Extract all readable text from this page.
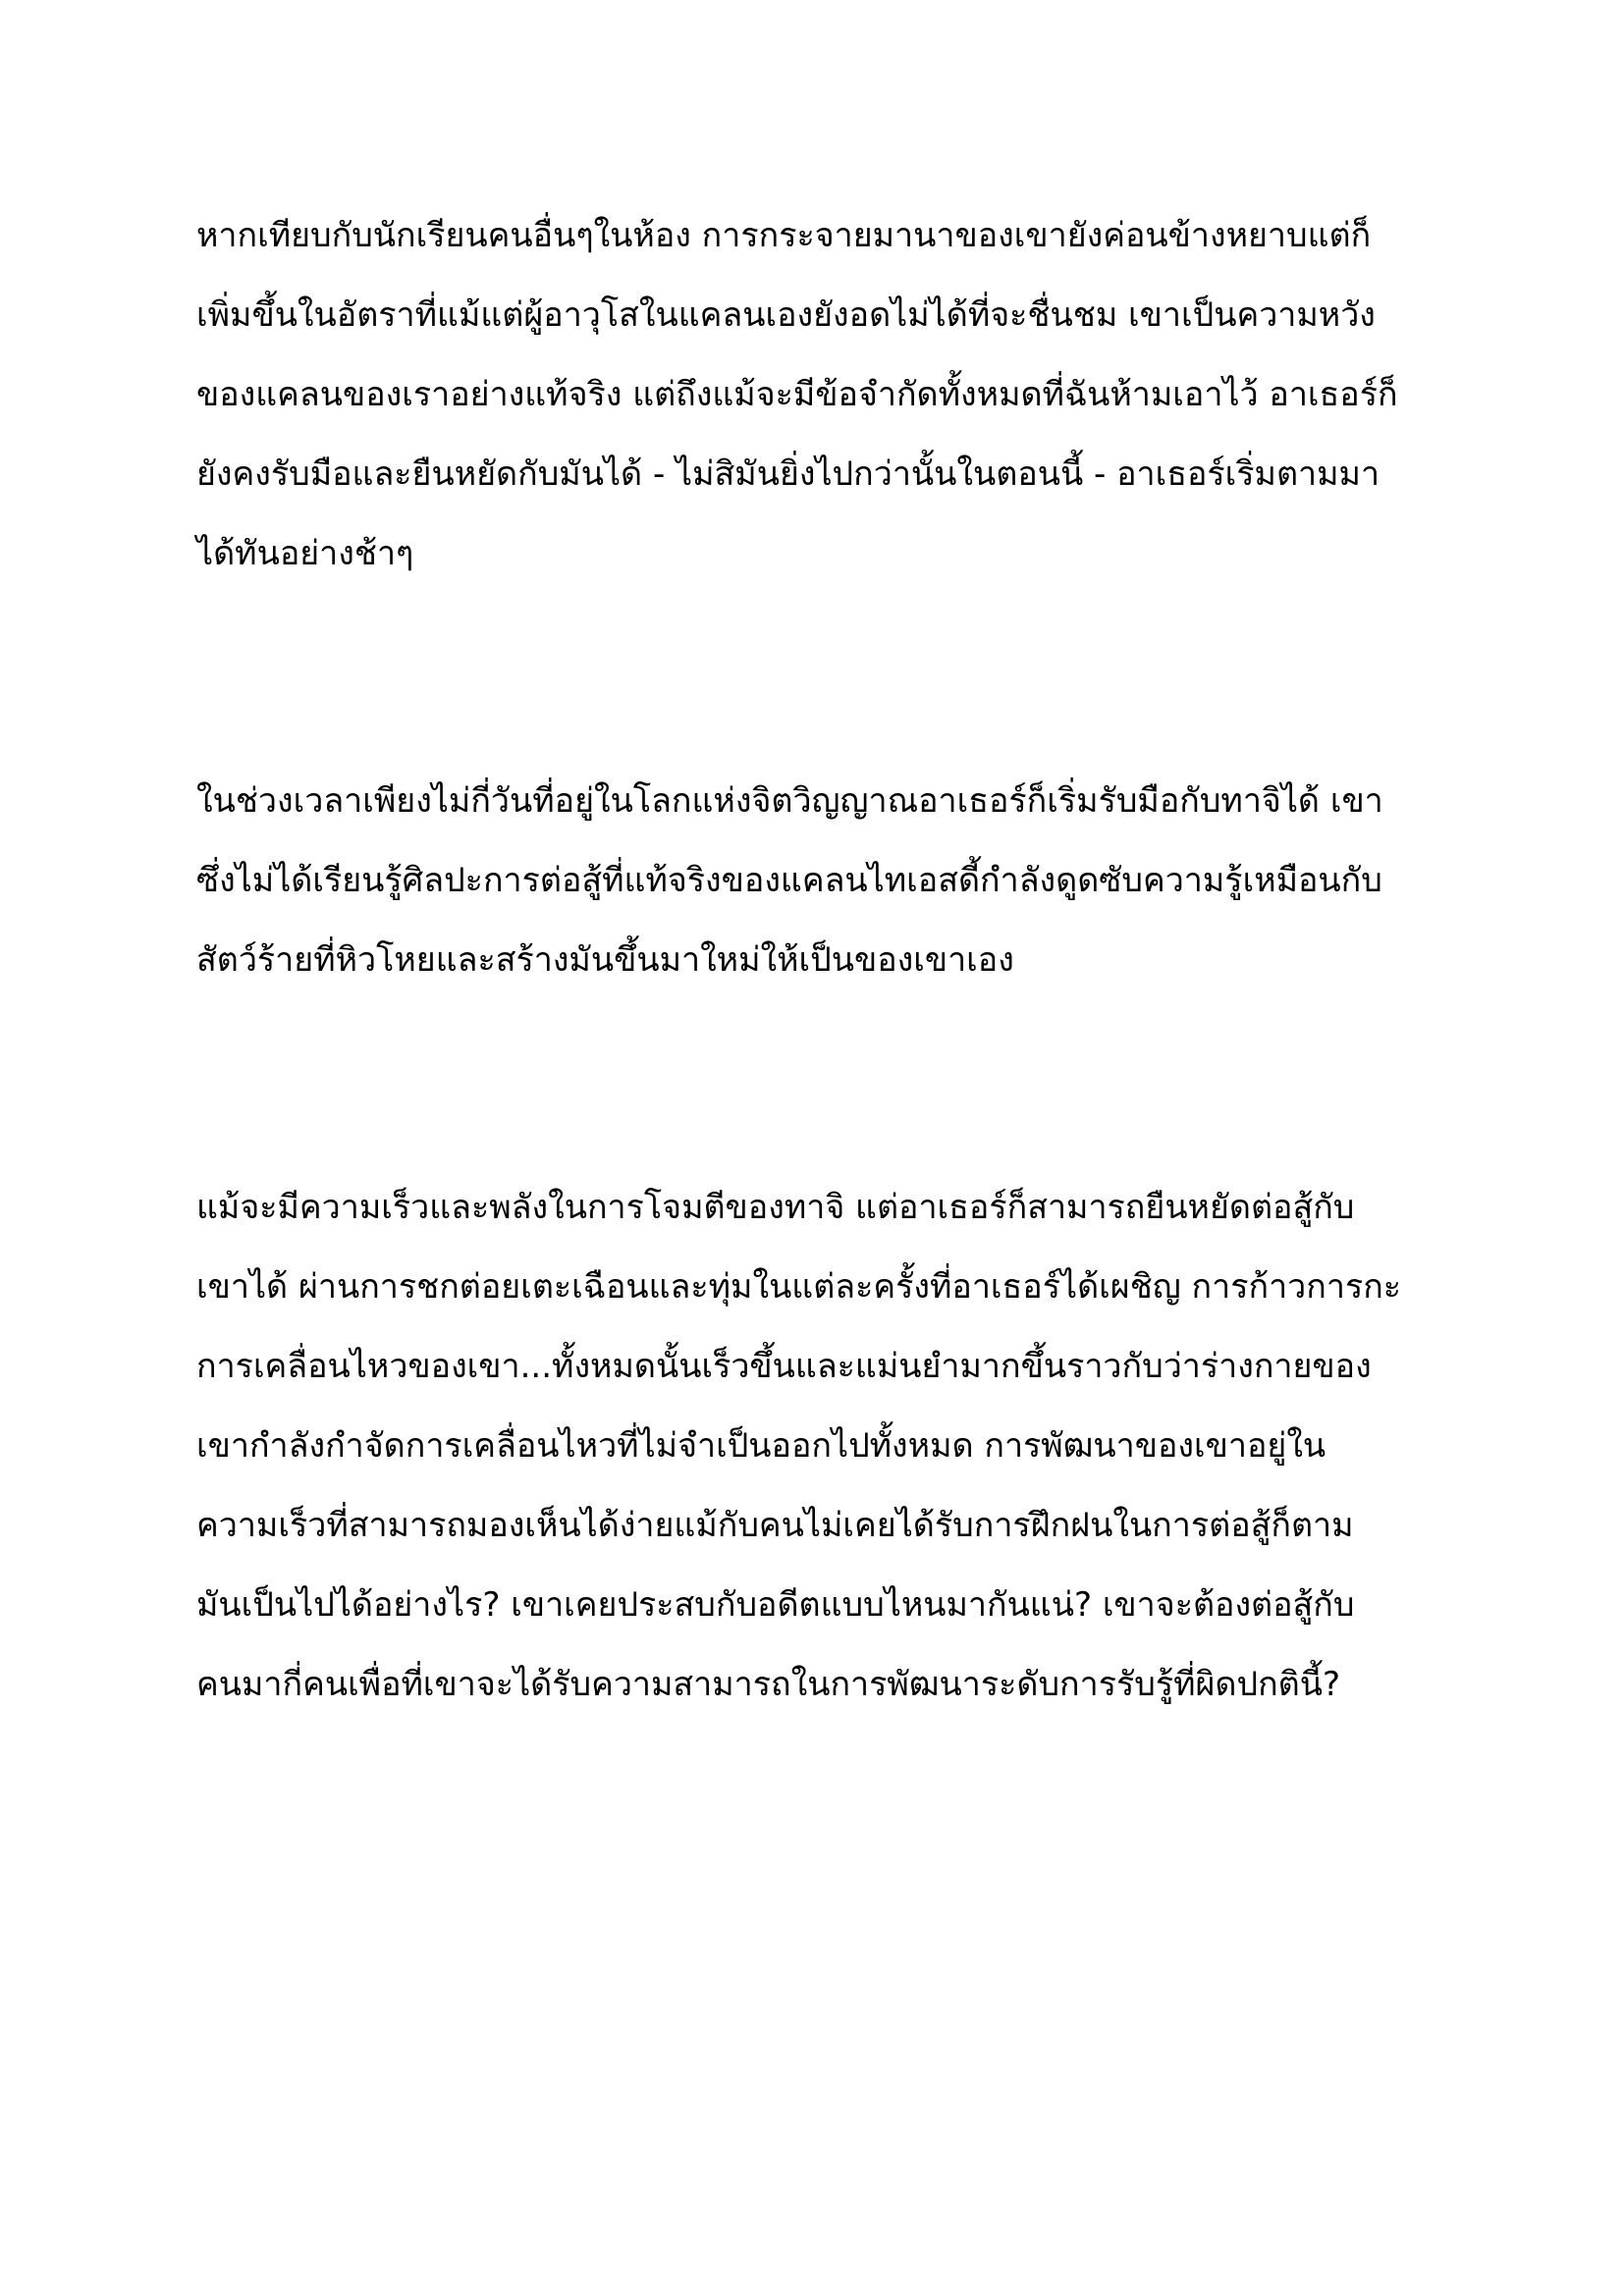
หากเทียบกับนักเรียนคนอื่นๆในห้อง การกระจายมานาของเขายังค่อนข้างหยาบแต่ก็
เพิ่มขึ้นในอัตราที่แม้แต่ผู้อาวุโสในแคลนเองยังอดไม่ได้ที่จะชื่นชม เขาเป็นความหวัง
ของแคลนของเราอย่างแท้จริง แต่ถึงแม้จะมีข้อจำกัดทั้งหมดที่ฉันห้ามเอาไว้ อาเธอร์ก็
ยังคงรับมือและยืนหยัดกับมันได้ - ไม่สิมันยิ่งไปกว่านั้นในตอนนี้ - อาเธอร์เริ่มตามมา
ได้ทันอย่างช้าๆ
ในช่วงเวลาเพียงไม่กี่วันที่อยู่ในโลกแห่งจิตวิญญาณอาเธอร์ก็เริ่มรับมือกับทาจิได้ เขา
ซึ่งไม่ได้เรียนรู้ศิลปะการต่อสู้ที่แท้จริงของแคลนไทเอสดี้กำลังดูดซับความรู้เหมือนกับ
สัตว์ร้ายที่หิวโหยและสร้างมันขึ้นมาใหม่ให้เป็นของเขาเอง
แม้จะมีความเร็วและพลังในการโจมตีของทาจิ แต่อาเธอร์ก็สามารถยืนหยัดต่อสู้กับ
เขาได้ ผ่านการชกต่อยเตะเฉือนและทุ่มในแต่ละครั้งที่อาเธอร์ได้เผชิญ การก้าวการกะ
การเคลื่อนไหวของเขา...ทั้งหมดนั้นเร็วขึ้นและแม่นยำมากขึ้นราวกับว่าร่างกายของ
เขากำลังกำจัดการเคลื่อนไหวที่ไม่จำเป็นออกไปทั้งหมด การพัฒนาของเขาอยู่ใน
ความเร็วที่สามารถมองเห็นได้ง่ายแม้กับคนไม่เคยได้รับการฝึกฝนในการต่อสู้ก็ตาม
มันเป็นไปได้อย่างไร? เขาเคยประสบกับอดีตแบบไหนมากันแน่? เขาจะต้องต่อสู้กับ
คนมากี่คนเพื่อที่เขาจะได้รับความสามารถในการพัฒนาระดับการรับรู้ที่ผิดปกตินี้?
